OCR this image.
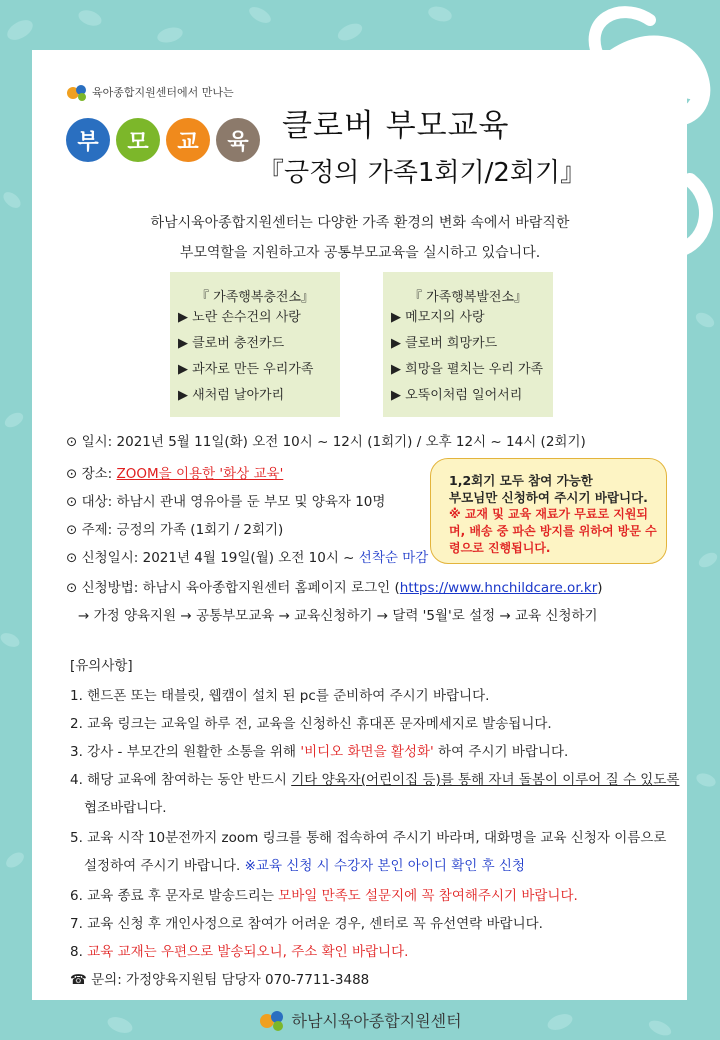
육아종합지원센터에서 만나는
부	모	교	육	클로버 부모교육
『긍정의 가족1회기/2회기』
하남시육아종합지원센터는 다양한 가족 환경의 변화 속에서 바람직한
부모역할을 지원하고자 공통부모교육을 실시하고 있습니다.
『 가족행복충전소』
▶ 노란 손수건의 사랑
▶ 클로버 충전카드
▶ 과자로 만든 우리가족
▶ 새처럼 날아가리
『 가족행복발전소』
▶ 메모지의 사랑
▶ 클로버 희망카드
▶ 희망을 펼치는 우리 가족
▶ 오뚝이처럼 일어서리
⊙ 일시: 2021년 5월 11일(화) 오전 10시 ~ 12시 (1회기) / 오후 12시 ~ 14시 (2회기)
⊙ 장소: ZOOM을 이용한 '화상 교육'
⊙ 대상: 하남시 관내 영유아를 둔 부모 및 양육자 10명
⊙ 주제: 긍정의 가족 (1회기 / 2회기)
⊙ 신청일시: 2021년 4월 19일(월) 오전 10시 ~ 선착순 마감
⊙ 신청방법: 하남시 육아종합지원센터 홈페이지 로그인 (https://www.hnchildcare.or.kr)
→ 가정 양육지원 → 공통부모교육 → 교육신청하기 → 달력 '5월'로 설정 → 교육 신청하기
1,2회기 모두 참여 가능한
부모님만 신청하여 주시기 바랍니다.
※ 교재 및 교육 재료가 무료로 지원되며, 배송 중 파손 방지를 위하여 방문 수령으로 진행됩니다.
[유의사항]
1. 핸드폰 또는 태블릿, 웹캠이 설치 된 pc를 준비하여 주시기 바랍니다.
2. 교육 링크는 교육일 하루 전, 교육을 신청하신 휴대폰 문자메세지로 발송됩니다.
3. 강사 - 부모간의 원활한 소통을 위해 '비디오 화면을 활성화' 하여 주시기 바랍니다.
4. 해당 교육에 참여하는 동안 반드시 기타 양육자(어린이집 등)를 통해 자녀 돌봄이 이루어 질 수 있도록
협조바랍니다.
5. 교육 시작 10분전까지 zoom 링크를 통해 접속하여 주시기 바라며, 대화명을 교육 신청자 이름으로
설정하여 주시기 바랍니다. ※교육 신청 시 수강자 본인 아이디 확인 후 신청
6. 교육 종료 후 문자로 발송드리는 모바일 만족도 설문지에 꼭 참여해주시기 바랍니다.
7. 교육 신청 후 개인사정으로 참여가 어려운 경우, 센터로 꼭 유선연락 바랍니다.
8. 교육 교재는 우편으로 발송되오니, 주소 확인 바랍니다.
☎ 문의: 가정양육지원팀 담당자 070-7711-3488
하남시육아종합지원센터
